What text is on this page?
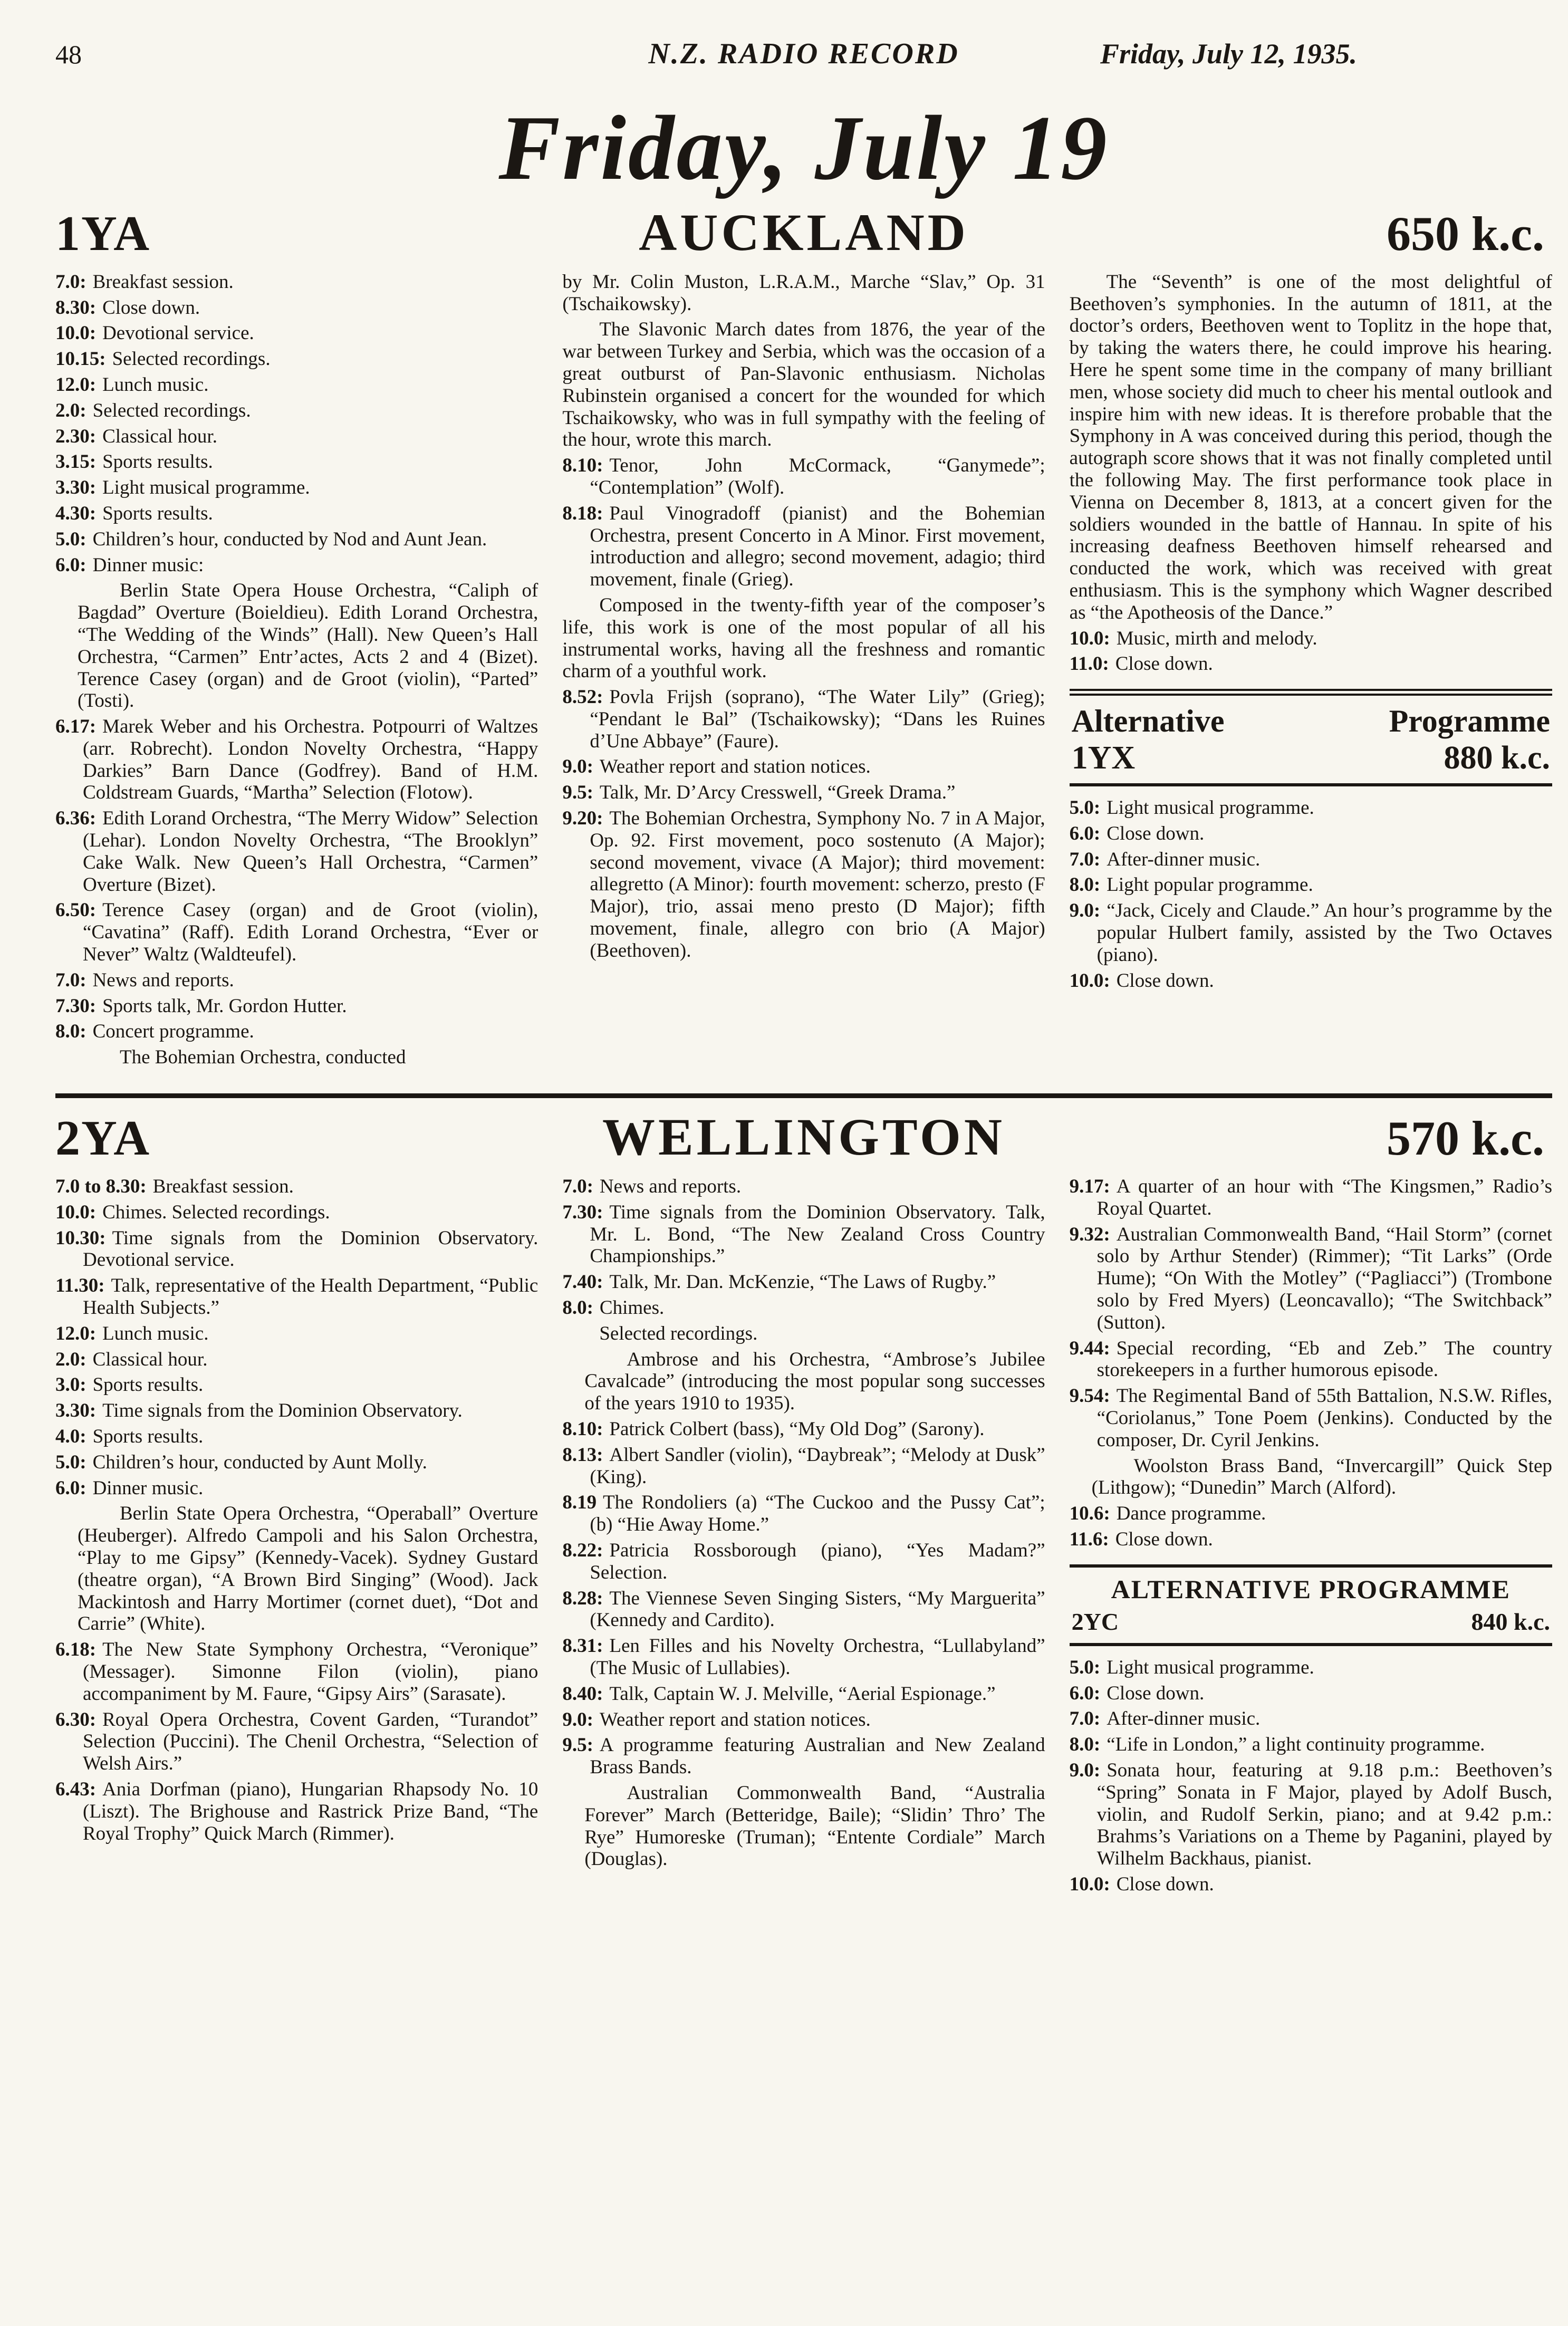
48	N.Z. RADIO RECORD	Friday, July 12, 1935.
Friday, July 19
1YA	AUCKLAND	650 k.c.

7.0: Breakfast session.

8.30: Close down.

10.0: Devotional service.

10.15: Selected recordings.

12.0: Lunch music.

2.0: Selected recordings.

2.30: Classical hour.

3.15: Sports results.

3.30: Light musical programme.

4.30: Sports results.

5.0: Children’s hour, conducted by Nod and Aunt Jean.

6.0: Dinner music:

Berlin State Opera House Orchestra, “Caliph of Bagdad” Overture (Boieldieu). Edith Lorand Orchestra, “The Wedding of the Winds” (Hall). New Queen’s Hall Orchestra, “Carmen” Entr’actes, Acts 2 and 4 (Bizet). Terence Casey (organ) and de Groot (violin), “Parted” (Tosti).

6.17: Marek Weber and his Orchestra. Potpourri of Waltzes (arr. Robrecht). London Novelty Orchestra, “Happy Darkies” Barn Dance (Godfrey). Band of H.M. Coldstream Guards, “Martha” Selection (Flotow).

6.36: Edith Lorand Orchestra, “The Merry Widow” Selection (Lehar). London Novelty Orchestra, “The Brooklyn” Cake Walk. New Queen’s Hall Orchestra, “Carmen” Overture (Bizet).

6.50: Terence Casey (organ) and de Groot (violin), “Cavatina” (Raff). Edith Lorand Orchestra, “Ever or Never” Waltz (Waldteufel).

7.0: News and reports.

7.30: Sports talk, Mr. Gordon Hutter.

8.0: Concert programme.

The Bohemian Orchestra, conducted

by Mr. Colin Muston, L.R.A.M., Marche “Slav,” Op. 31 (Tschaikowsky).

The Slavonic March dates from 1876, the year of the war between Turkey and Serbia, which was the occasion of a great outburst of Pan-Slavonic enthusiasm. Nicholas Rubinstein organised a concert for the wounded for which Tschaikowsky, who was in full sympathy with the feeling of the hour, wrote this march.

8.10: Tenor, John McCormack, “Ganymede”; “Contemplation” (Wolf).

8.18: Paul Vinogradoff (pianist) and the Bohemian Orchestra, present Concerto in A Minor. First movement, introduction and allegro; second movement, adagio; third movement, finale (Grieg).

Composed in the twenty-fifth year of the composer’s life, this work is one of the most popular of all his instrumental works, having all the freshness and romantic charm of a youthful work.

8.52: Povla Frijsh (soprano), “The Water Lily” (Grieg); “Pendant le Bal” (Tschaikowsky); “Dans les Ruines d’Une Abbaye” (Faure).

9.0: Weather report and station notices.

9.5: Talk, Mr. D’Arcy Cresswell, “Greek Drama.”

9.20: The Bohemian Orchestra, Symphony No. 7 in A Major, Op. 92. First movement, poco sostenuto (A Major); second movement, vivace (A Major); third movement: allegretto (A Minor): fourth movement: scherzo, presto (F Major), trio, assai meno presto (D Major); fifth movement, finale, allegro con brio (A Major) (Beethoven).

The “Seventh” is one of the most delightful of Beethoven’s symphonies. In the autumn of 1811, at the doctor’s orders, Beethoven went to Toplitz in the hope that, by taking the waters there, he could improve his hearing. Here he spent some time in the company of many brilliant men, whose society did much to cheer his mental outlook and inspire him with new ideas. It is therefore probable that the Symphony in A was conceived during this period, though the autograph score shows that it was not finally completed until the following May. The first performance took place in Vienna on December 8, 1813, at a concert given for the soldiers wounded in the battle of Hannau. In spite of his increasing deafness Beethoven himself rehearsed and conducted the work, which was received with great enthusiasm. This is the symphony which Wagner described as “the Apotheosis of the Dance.”

10.0: Music, mirth and melody.

11.0: Close down.

Alternative	Programme
1YX	880 k.c.

5.0: Light musical programme.

6.0: Close down.

7.0: After-dinner music.

8.0: Light popular programme.

9.0: “Jack, Cicely and Claude.” An hour’s programme by the popular Hulbert family, assisted by the Two Octaves (piano).

10.0: Close down.

2YA	WELLINGTON	570 k.c.

7.0 to 8.30: Breakfast session.

10.0: Chimes. Selected recordings.

10.30: Time signals from the Dominion Observatory. Devotional service.

11.30: Talk, representative of the Health Department, “Public Health Subjects.”

12.0: Lunch music.

2.0: Classical hour.

3.0: Sports results.

3.30: Time signals from the Dominion Observatory.

4.0: Sports results.

5.0: Children’s hour, conducted by Aunt Molly.

6.0: Dinner music.

Berlin State Opera Orchestra, “Operaball” Overture (Heuberger). Alfredo Campoli and his Salon Orchestra, “Play to me Gipsy” (Kennedy-Vacek). Sydney Gustard (theatre organ), “A Brown Bird Singing” (Wood). Jack Mackintosh and Harry Mortimer (cornet duet), “Dot and Carrie” (White).

6.18: The New State Symphony Orchestra, “Veronique” (Messager). Simonne Filon (violin), piano accompaniment by M. Faure, “Gipsy Airs” (Sarasate).

6.30: Royal Opera Orchestra, Covent Garden, “Turandot” Selection (Puccini). The Chenil Orchestra, “Selection of Welsh Airs.”

6.43: Ania Dorfman (piano), Hungarian Rhapsody No. 10 (Liszt). The Brighouse and Rastrick Prize Band, “The Royal Trophy” Quick March (Rimmer).

7.0: News and reports.

7.30: Time signals from the Dominion Observatory. Talk, Mr. L. Bond, “The New Zealand Cross Country Championships.”

7.40: Talk, Mr. Dan. McKenzie, “The Laws of Rugby.”

8.0: Chimes.

Selected recordings.

Ambrose and his Orchestra, “Ambrose’s Jubilee Cavalcade” (introducing the most popular song successes of the years 1910 to 1935).

8.10: Patrick Colbert (bass), “My Old Dog” (Sarony).

8.13: Albert Sandler (violin), “Daybreak”; “Melody at Dusk” (King).

8.19 The Rondoliers (a) “The Cuckoo and the Pussy Cat”; (b) “Hie Away Home.”

8.22: Patricia Rossborough (piano), “Yes Madam?” Selection.

8.28: The Viennese Seven Singing Sisters, “My Marguerita” (Kennedy and Cardito).

8.31: Len Filles and his Novelty Orchestra, “Lullabyland” (The Music of Lullabies).

8.40: Talk, Captain W. J. Melville, “Aerial Espionage.”

9.0: Weather report and station notices.

9.5: A programme featuring Australian and New Zealand Brass Bands.

Australian Commonwealth Band, “Australia Forever” March (Betteridge, Baile); “Slidin’ Thro’ The Rye” Humoreske (Truman); “Entente Cordiale” March (Douglas).

9.17: A quarter of an hour with “The Kingsmen,” Radio’s Royal Quartet.

9.32: Australian Commonwealth Band, “Hail Storm” (cornet solo by Arthur Stender) (Rimmer); “Tit Larks” (Orde Hume); “On With the Motley” (“Pagliacci”) (Trombone solo by Fred Myers) (Leoncavallo); “The Switchback” (Sutton).

9.44: Special recording, “Eb and Zeb.” The country storekeepers in a further humorous episode.

9.54: The Regimental Band of 55th Battalion, N.S.W. Rifles, “Coriolanus,” Tone Poem (Jenkins). Conducted by the composer, Dr. Cyril Jenkins.

Woolston Brass Band, “Invercargill” Quick Step (Lithgow); “Dunedin” March (Alford).

10.6: Dance programme.

11.6: Close down.

ALTERNATIVE PROGRAMME
2YC	840 k.c.

5.0: Light musical programme.

6.0: Close down.

7.0: After-dinner music.

8.0: “Life in London,” a light continuity programme.

9.0: Sonata hour, featuring at 9.18 p.m.: Beethoven’s “Spring” Sonata in F Major, played by Adolf Busch, violin, and Rudolf Serkin, piano; and at 9.42 p.m.: Brahms’s Variations on a Theme by Paganini, played by Wilhelm Backhaus, pianist.

10.0: Close down.
